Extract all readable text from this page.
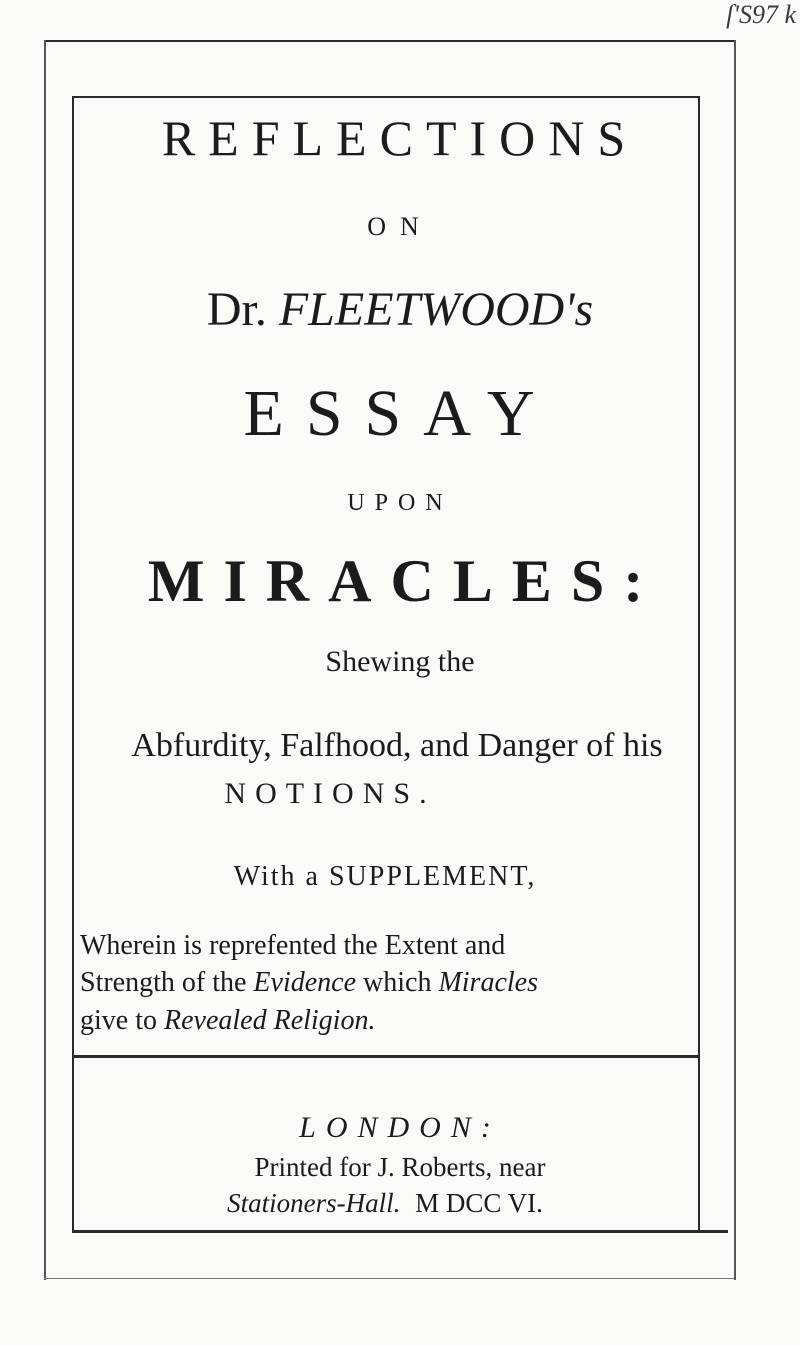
ſ'S97 k
REFLECTIONS
ON
Dr. FLEETWOOD's
ESSAY
UPON
MIRACLES:
Shewing the
Abfurdity, Falfhood, and Danger of his
NOTIONS.
With a SUPPLEMENT,
Wherein is reprefented the Extent and
Strength of the Evidence which Miracles
give to Revealed Religion.
LONDON:
Printed for J. Roberts, near
Stationers-Hall. M DCC VI.
